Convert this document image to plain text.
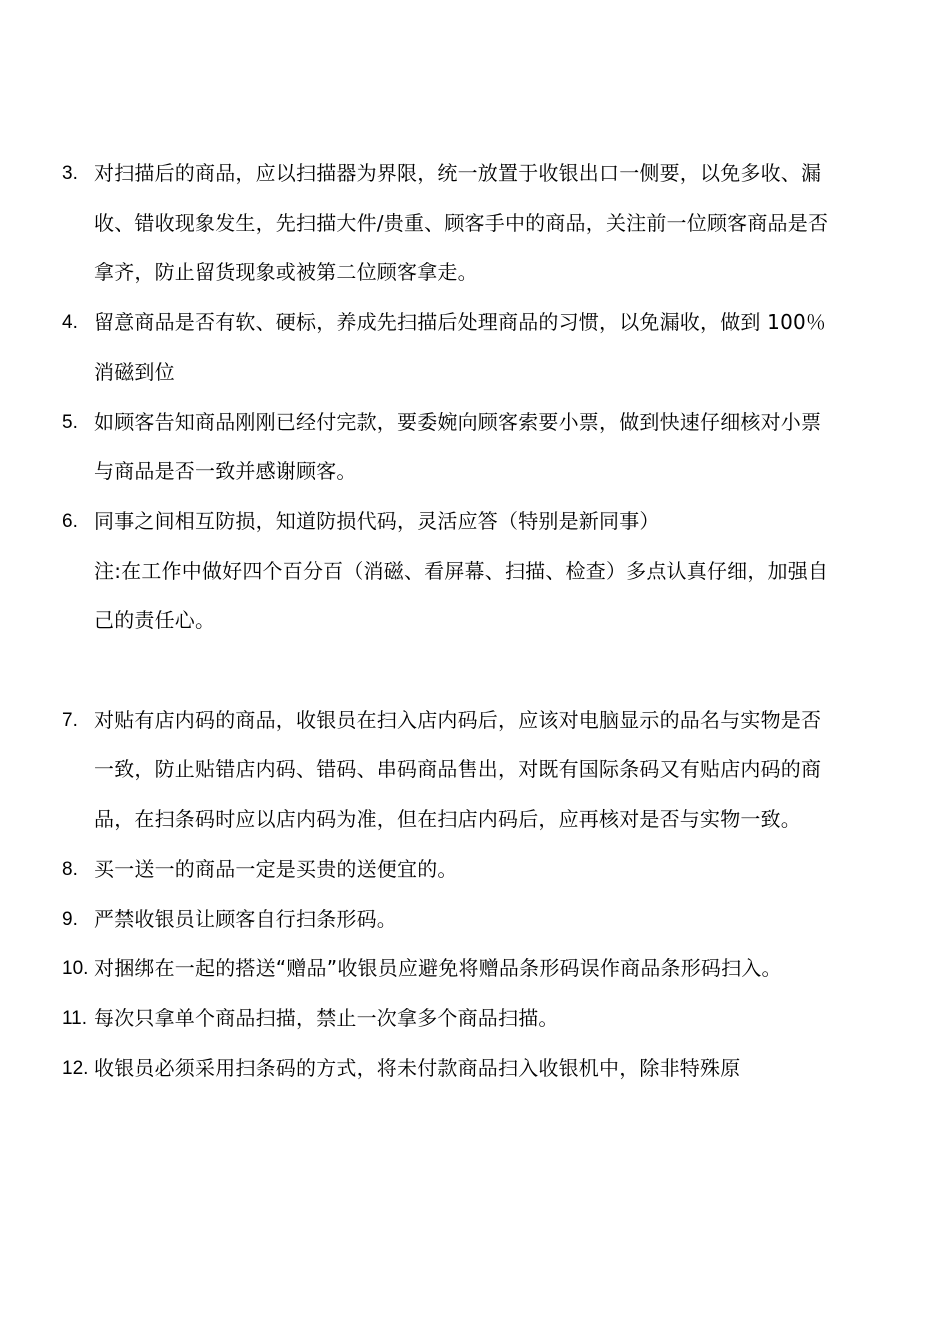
3. 对扫描后的商品，应以扫描器为界限，统一放置于收银出口一侧要，以免多收、漏收、错收现象发生，先扫描大件/贵重、顾客手中的商品，关注前一位顾客商品是否拿齐，防止留货现象或被第二位顾客拿走。
4. 留意商品是否有软、硬标，养成先扫描后处理商品的习惯，以免漏收，做到 100％消磁到位
5. 如顾客告知商品刚刚已经付完款，要委婉向顾客索要小票，做到快速仔细核对小票与商品是否一致并感谢顾客。
6. 同事之间相互防损，知道防损代码，灵活应答（特别是新同事）
注:在工作中做好四个百分百（消磁、看屏幕、扫描、检查）多点认真仔细，加强自己的责任心。
7. 对贴有店内码的商品，收银员在扫入店内码后，应该对电脑显示的品名与实物是否一致，防止贴错店内码、错码、串码商品售出，对既有国际条码又有贴店内码的商品，在扫条码时应以店内码为准，但在扫店内码后，应再核对是否与实物一致。
8. 买一送一的商品一定是买贵的送便宜的。
9. 严禁收银员让顾客自行扫条形码。
10. 对捆绑在一起的搭送“赠品”收银员应避免将赠品条形码误作商品条形码扫入。
11. 每次只拿单个商品扫描，禁止一次拿多个商品扫描。
12. 收银员必须采用扫条码的方式，将未付款商品扫入收银机中，除非特殊原
